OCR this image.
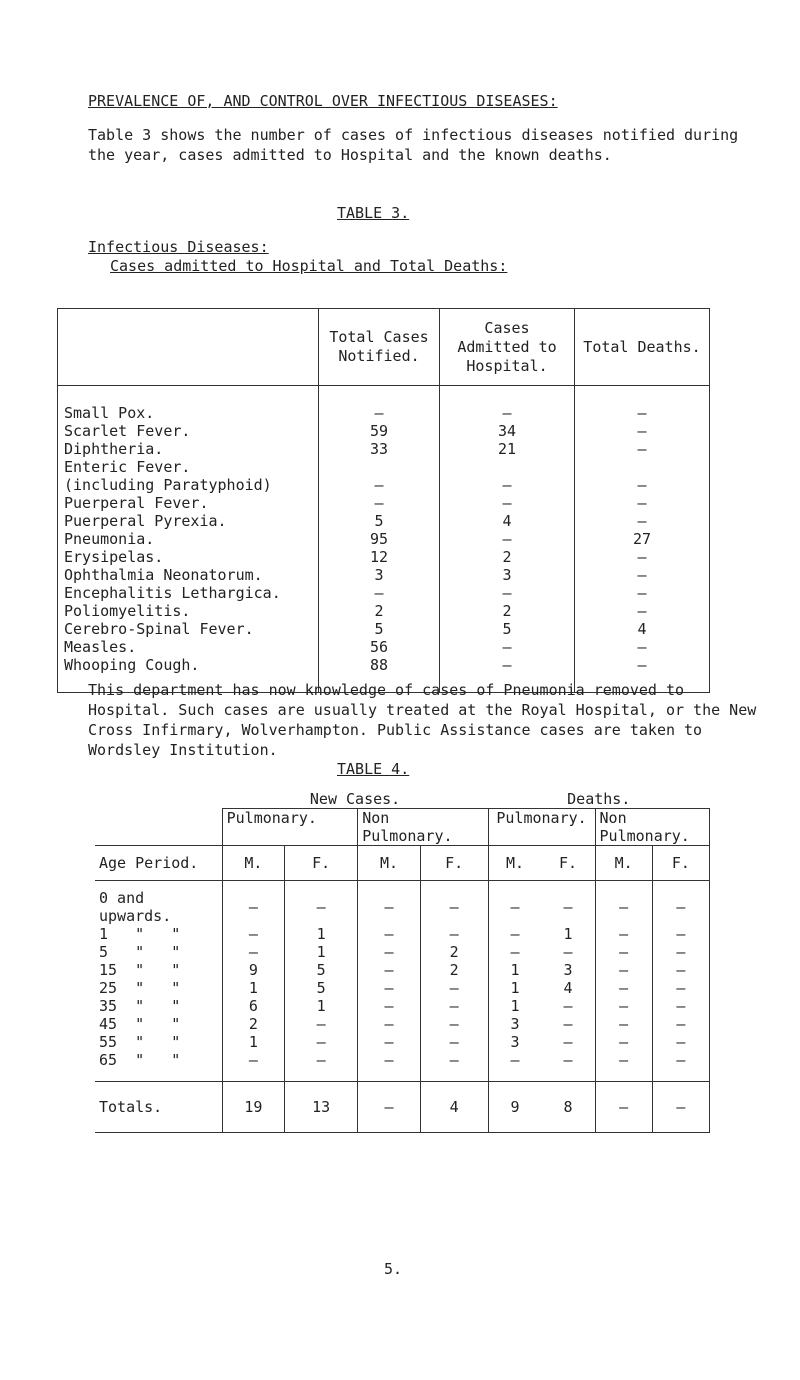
PREVALENCE OF, AND CONTROL OVER INFECTIOUS DISEASES:
Table 3 shows the number of cases of infectious diseases notified during the year, cases admitted to Hospital and the known deaths.
TABLE 3.
Infectious Diseases:
Cases admitted to Hospital and Total Deaths:
	Total Cases Notified.	Cases Admitted to Hospital.	Total Deaths.

Small Pox.	–	–	–
Scarlet Fever.	59	34	–
Diphtheria.	33	21	–
Enteric Fever.			
(including Paratyphoid)	–	–	–
Puerperal Fever.	–	–	–
Puerperal Pyrexia.	5	4	–
Pneumonia.	95	–	27
Erysipelas.	12	2	–
Ophthalmia Neonatorum.	3	3	–
Encephalitis Lethargica.	–	–	–
Poliomyelitis.	2	2	–
Cerebro-Spinal Fever.	5	5	4
Measles.	56	–	–
Whooping Cough.	88	–	–

This department has now knowledge of cases of Pneumonia removed to Hospital. Such cases are usually treated at the Royal Hospital, or the New Cross Infirmary, Wolverhampton. Public Assistance cases are taken to Wordsley Institution.
TABLE 4.
	New Cases.				Deaths.			
	Pulmonary.		Non Pulmonary.		Pulmonary.		Non Pulmonary.	
Age Period.	M.	F.	M.	F.	M.	F.	M.	F.

0 and upwards.	–	–	–	–	–	–	–	–
1   "   "	–	1	–	–	–	1	–	–
5   "   "	–	1	–	2	–	–	–	–
15  "   "	9	5	–	2	1	3	–	–
25  "   "	1	5	–	–	1	4	–	–
35  "   "	6	1	–	–	1	–	–	–
45  "   "	2	–	–	–	3	–	–	–
55  "   "	1	–	–	–	3	–	–	–
65  "   "	–	–	–	–	–	–	–	–
Totals.	19	13	–	4	9	8	–	–
5.
